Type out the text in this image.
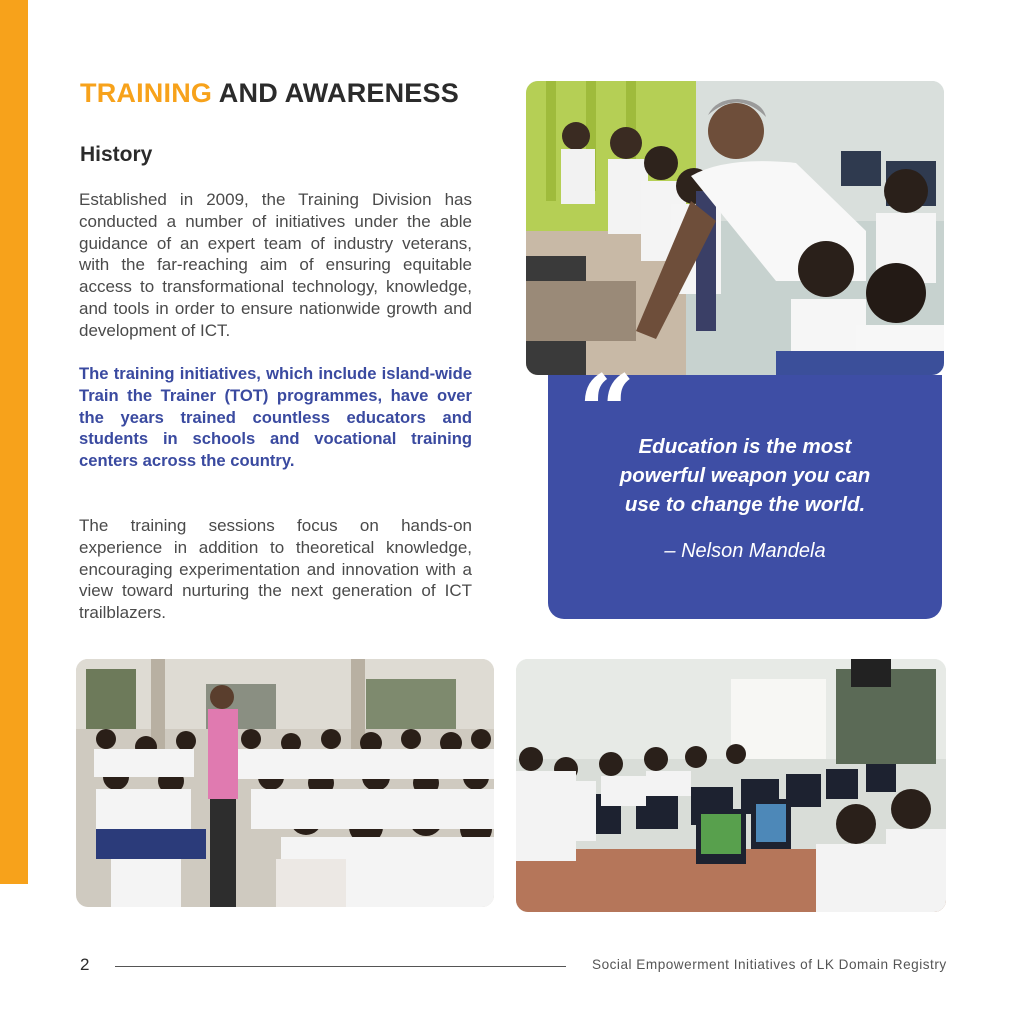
TRAINING AND AWARENESS
History

Established in 2009, the Training Division has conducted a number of initiatives under the able guidance of an expert team of industry veterans, with the far-reaching aim of ensuring equitable access to transformational technology, knowledge, and tools in order to ensure nationwide growth and development of ICT.

The training initiatives, which include island-wide Train the Trainer (TOT) programmes, have over the years trained countless educators and students in schools and vocational training centers across the country.

The training sessions focus on hands-on experience in addition to theoretical knowledge, encouraging experimentation and innovation with a view toward nurturing the next generation of ICT trailblazers.

“ Education is the most
powerful weapon you can
use to change the world.

– Nelson Mandela
2	Social Empowerment Initiatives of LK Domain Registry
